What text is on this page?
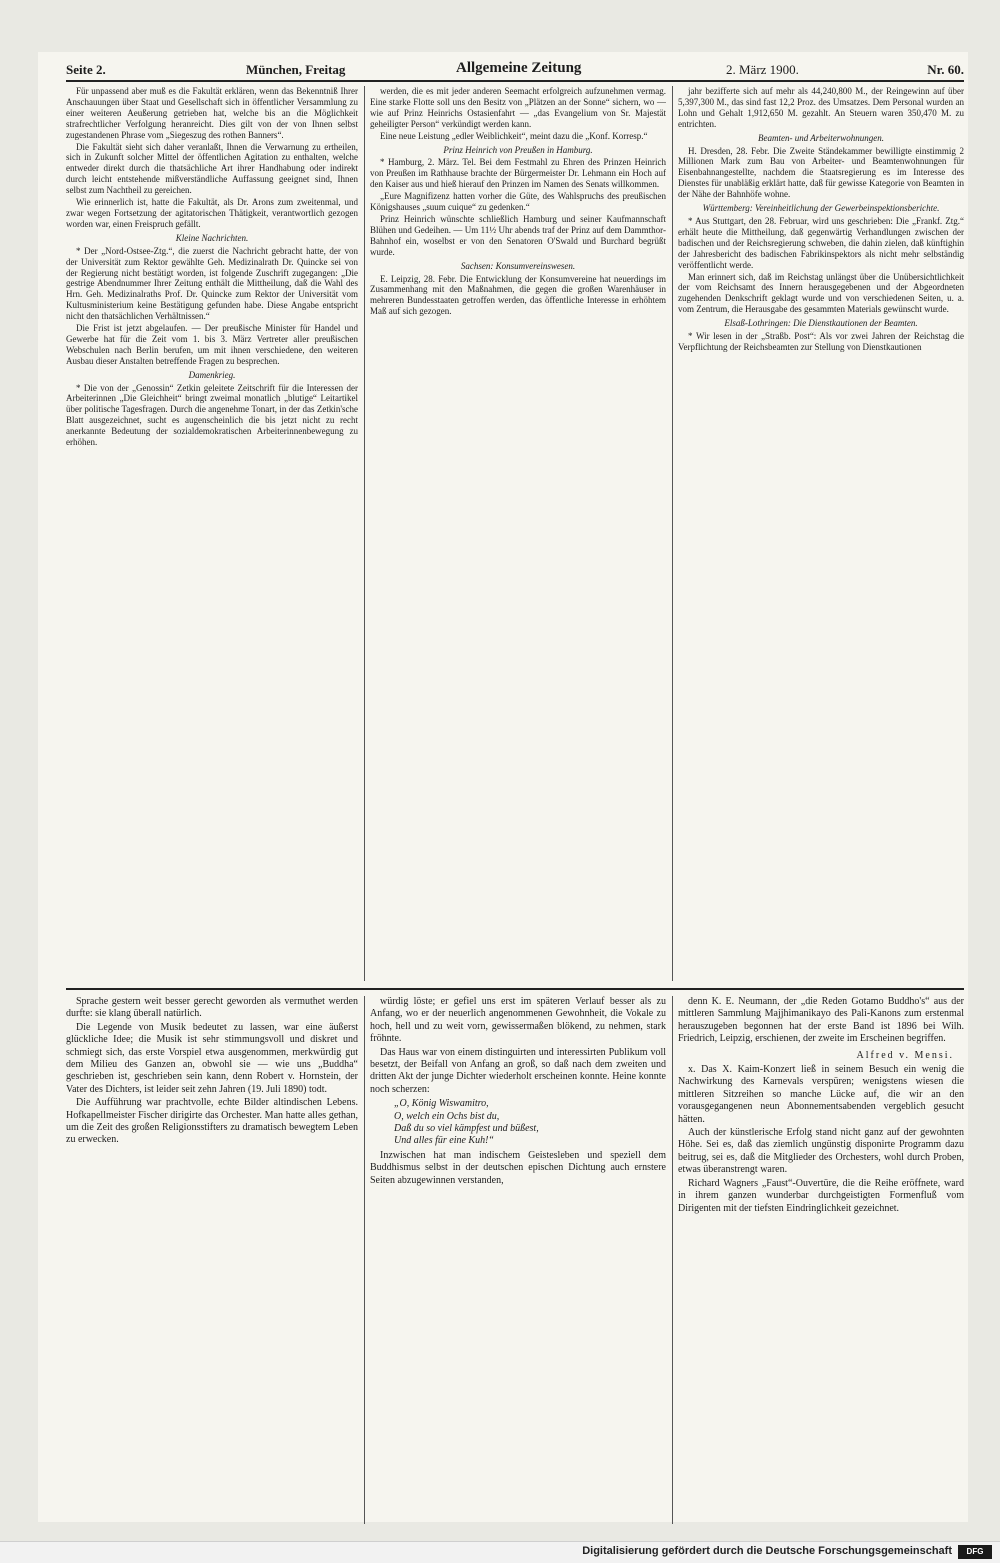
Seite 2.	München, Freitag	Allgemeine Zeitung	2. März 1900.	Nr. 60.

Für unpassend aber muß es die Fakultät erklären, wenn das Bekenntniß Ihrer Anschauungen über Staat und Gesellschaft sich in öffentlicher Versammlung zu einer weiteren Aeußerung getrieben hat, welche bis an die Möglichkeit strafrechtlicher Verfolgung heranreicht. Dies gilt von der von Ihnen selbst zugestandenen Phrase vom „Siegeszug des rothen Banners“.

Die Fakultät sieht sich daher veranlaßt, Ihnen die Verwarnung zu ertheilen, sich in Zukunft solcher Mittel der öffentlichen Agitation zu enthalten, welche entweder direkt durch die thatsächliche Art ihrer Handhabung oder indirekt durch leicht entstehende mißverständliche Auffassung geeignet sind, Ihnen selbst zum Nachtheil zu gereichen.

Wie erinnerlich ist, hatte die Fakultät, als Dr. Arons zum zweitenmal, und zwar wegen Fortsetzung der agitatorischen Thätigkeit, verantwortlich gezogen worden war, einen Freispruch gefällt.

Kleine Nachrichten.

* Der „Nord-Ostsee-Ztg.“, die zuerst die Nachricht gebracht hatte, der von der Universität zum Rektor gewählte Geh. Medizinalrath Dr. Quincke sei von der Regierung nicht bestätigt worden, ist folgende Zuschrift zugegangen: „Die gestrige Abendnummer Ihrer Zeitung enthält die Mittheilung, daß die Wahl des Hrn. Geh. Medizinalraths Prof. Dr. Quincke zum Rektor der Universität vom Kultusministerium keine Bestätigung gefunden habe. Diese Angabe entspricht nicht den thatsächlichen Verhältnissen.“

Die Frist ist jetzt abgelaufen. — Der preußische Minister für Handel und Gewerbe hat für die Zeit vom 1. bis 3. März Vertreter aller preußischen Webschulen nach Berlin berufen, um mit ihnen verschiedene, den weiteren Ausbau dieser Anstalten betreffende Fragen zu besprechen.

Damenkrieg.

* Die von der „Genossin“ Zetkin geleitete Zeitschrift für die Interessen der Arbeiterinnen „Die Gleichheit“ bringt zweimal monatlich „blutige“ Leitartikel über politische Tagesfragen. Durch die angenehme Tonart, in der das Zetkin'sche Blatt ausgezeichnet, sucht es augenscheinlich die bis jetzt nicht zu recht anerkannte Bedeutung der sozialdemokratischen Arbeiterinnenbewegung zu erhöhen.

werden, die es mit jeder anderen Seemacht erfolgreich aufzunehmen vermag. Eine starke Flotte soll uns den Besitz von „Plätzen an der Sonne“ sichern, wo — wie auf Prinz Heinrichs Ostasienfahrt — „das Evangelium von Sr. Majestät geheiligter Person“ verkündigt werden kann.

Eine neue Leistung „edler Weiblichkeit“, meint dazu die „Konf. Korresp.“

Prinz Heinrich von Preußen in Hamburg.

* Hamburg, 2. März. Tel. Bei dem Festmahl zu Ehren des Prinzen Heinrich von Preußen im Rathhause brachte der Bürgermeister Dr. Lehmann ein Hoch auf den Kaiser aus und hieß hierauf den Prinzen im Namen des Senats willkommen.

„Eure Magnifizenz hatten vorher die Güte, des Wahlspruchs des preußischen Königshauses „suum cuique“ zu gedenken.“

Prinz Heinrich wünschte schließlich Hamburg und seiner Kaufmannschaft Blühen und Gedeihen. — Um 11½ Uhr abends traf der Prinz auf dem Dammthor-Bahnhof ein, woselbst er von den Senatoren O'Swald und Burchard begrüßt wurde.

Sachsen: Konsumvereinswesen.

E. Leipzig, 28. Febr. Die Entwicklung der Konsumvereine hat neuerdings im Zusammenhang mit den Maßnahmen, die gegen die großen Warenhäuser in mehreren Bundesstaaten getroffen werden, das öffentliche Interesse in erhöhtem Maß auf sich gezogen.

jahr bezifferte sich auf mehr als 44,240,800 M., der Reingewinn auf über 5,397,300 M., das sind fast 12,2 Proz. des Umsatzes. Dem Personal wurden an Lohn und Gehalt 1,912,650 M. gezahlt. An Steuern waren 350,470 M. zu entrichten.

Beamten- und Arbeiterwohnungen.

H. Dresden, 28. Febr. Die Zweite Ständekammer bewilligte einstimmig 2 Millionen Mark zum Bau von Arbeiter- und Beamtenwohnungen für Eisenbahnangestellte, nachdem die Staatsregierung es im Interesse des Dienstes für unabläßig erklärt hatte, daß für gewisse Kategorie von Beamten in der Nähe der Bahnhöfe wohne.

Württemberg: Vereinheitlichung der Gewerbeinspektionsberichte.

* Aus Stuttgart, den 28. Februar, wird uns geschrieben: Die „Frankf. Ztg.“ erhält heute die Mittheilung, daß gegenwärtig Verhandlungen zwischen der badischen und der Reichsregierung schweben, die dahin zielen, daß künftighin der Jahresbericht des badischen Fabrikinspektors als nicht mehr selbständig veröffentlicht werde.

Man erinnert sich, daß im Reichstag unlängst über die Unübersichtlichkeit der vom Reichsamt des Innern herausgegebenen und der Abgeordneten zugehenden Denkschrift geklagt wurde und von verschiedenen Seiten, u. a. vom Zentrum, die Herausgabe des gesammten Materials gewünscht wurde.

Elsaß-Lothringen: Die Dienstkautionen der Beamten.

* Wir lesen in der „Straßb. Post“: Als vor zwei Jahren der Reichstag die Verpflichtung der Reichsbeamten zur Stellung von Dienstkautionen

Sprache gestern weit besser gerecht geworden als vermuthet werden durfte: sie klang überall natürlich.

Die Legende von Musik bedeutet zu lassen, war eine äußerst glückliche Idee; die Musik ist sehr stimmungsvoll und diskret und schmiegt sich, das erste Vorspiel etwa ausgenommen, merkwürdig gut dem Milieu des Ganzen an, obwohl sie — wie uns „Buddha“ geschrieben ist, geschrieben sein kann, denn Robert v. Hornstein, der Vater des Dichters, ist leider seit zehn Jahren (19. Juli 1890) todt.

Die Aufführung war prachtvolle, echte Bilder altindischen Lebens. Hofkapellmeister Fischer dirigirte das Orchester. Man hatte alles gethan, um die Zeit des großen Religionsstifters zu dramatisch bewegtem Leben zu erwecken.

würdig löste; er gefiel uns erst im späteren Verlauf besser als zu Anfang, wo er der neuerlich angenommenen Gewohnheit, die Vokale zu hoch, hell und zu weit vorn, gewissermaßen blökend, zu nehmen, stark fröhnte.

Das Haus war von einem distinguirten und interessirten Publikum voll besetzt, der Beifall von Anfang an groß, so daß nach dem zweiten und dritten Akt der junge Dichter wiederholt erscheinen konnte. Heine konnte noch scherzen:

„O, König Wiswamitro,
O, welch ein Ochs bist du,
Daß du so viel kämpfest und büßest,
Und alles für eine Kuh!“

Inzwischen hat man indischem Geistesleben und speziell dem Buddhismus selbst in der deutschen epischen Dichtung auch ernstere Seiten abzugewinnen verstanden,

denn K. E. Neumann, der „die Reden Gotamo Buddho's“ aus der mittleren Sammlung Majjhimanikayo des Pali-Kanons zum erstenmal herauszugeben begonnen hat der erste Band ist 1896 bei Wilh. Friedrich, Leipzig, erschienen, der zweite im Erscheinen begriffen.

Alfred v. Mensi.

x. Das X. Kaim-Konzert ließ in seinem Besuch ein wenig die Nachwirkung des Karnevals verspüren; wenigstens wiesen die mittleren Sitzreihen so manche Lücke auf, die wir an den vorausgegangenen neun Abonnementsabenden vergeblich gesucht hätten.

Auch der künstlerische Erfolg stand nicht ganz auf der gewohnten Höhe. Sei es, daß das ziemlich ungünstig disponirte Programm dazu beitrug, sei es, daß die Mitglieder des Orchesters, wohl durch Proben, etwas überanstrengt waren.

Richard Wagners „Faust“-Ouvertüre, die die Reihe eröffnete, ward in ihrem ganzen wunderbar durchgeistigten Formenfluß vom Dirigenten mit der tiefsten Eindringlichkeit gezeichnet.

Digitalisierung gefördert durch die Deutsche Forschungsgemeinschaft	DFG
